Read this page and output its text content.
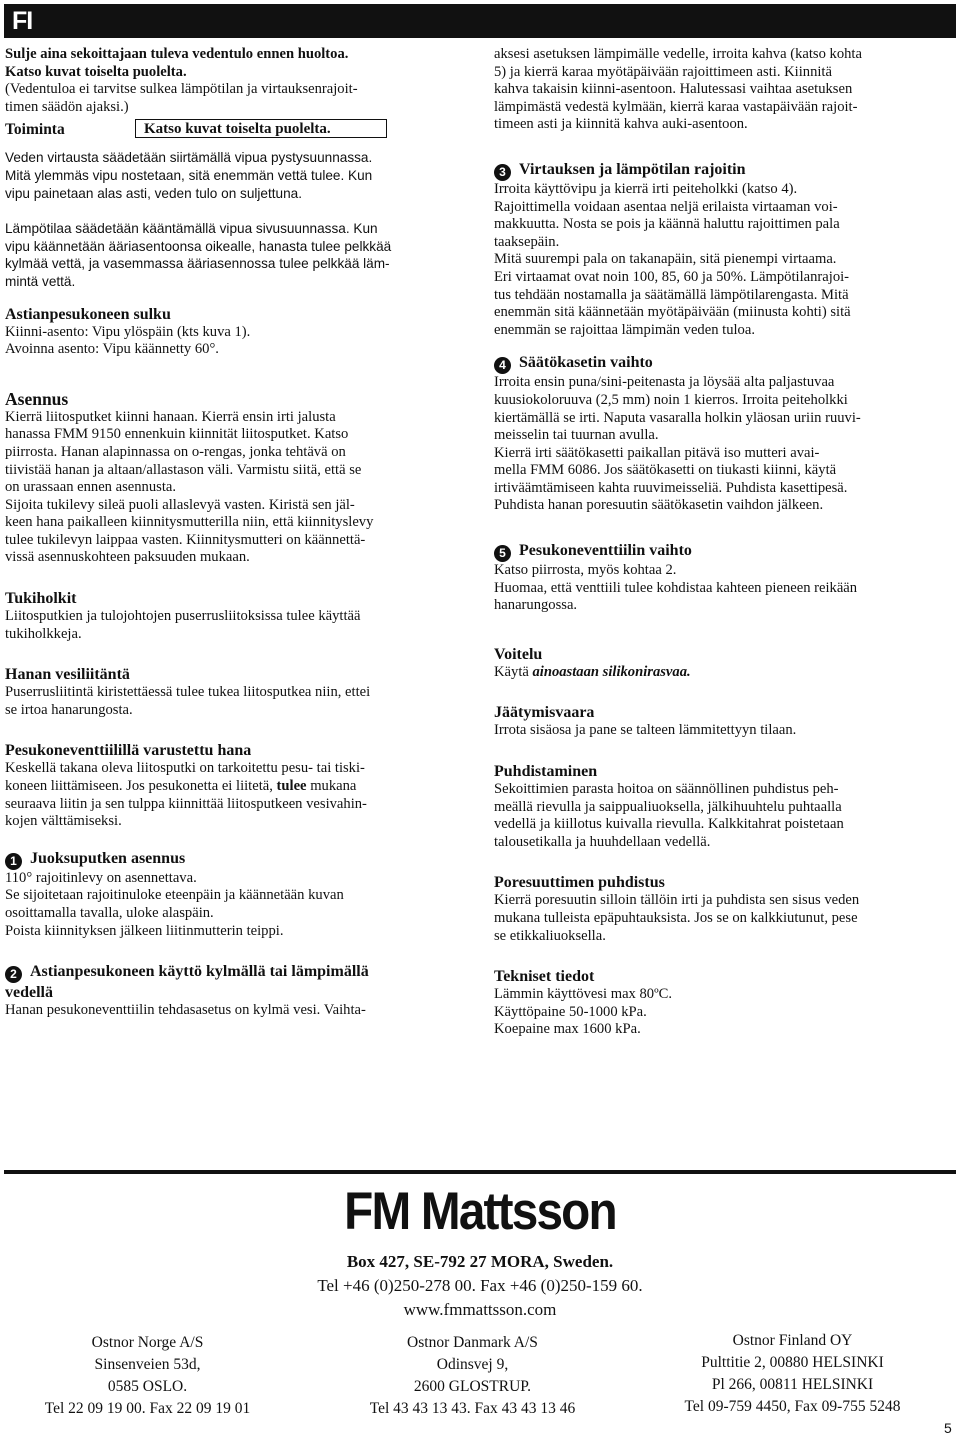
FI

Sulje aina sekoittajaan tuleva vedentulo ennen huoltoa.

Katso kuvat toiselta puolelta.

(Vedentuloa ei tarvitse sulkea lämpötilan ja virtauksenrajoit-

timen säädön ajaksi.)

Toiminta	Katso kuvat toiselta puolelta.

Veden virtausta säädetään siirtämällä vipua pystysuunnassa.

Mitä ylemmäs vipu nostetaan, sitä enemmän vettä tulee. Kun

vipu painetaan alas asti, veden tulo on suljettuna.

Lämpötilaa säädetään kääntämällä vipua sivusuunnassa. Kun

vipu käännetään ääriasentoonsa oikealle, hanasta tulee pelkkää

kylmää vettä, ja vasemmassa ääriasennossa tulee pelkkää läm-

mintä vettä.

Astianpesukoneen sulku

Kiinni-asento: Vipu ylöspäin (kts kuva 1).

Avoinna asento: Vipu käännetty 60°.

Asennus

Kierrä liitosputket kiinni hanaan. Kierrä ensin irti jalusta

hanassa FMM 9150 ennenkuin kiinnität liitosputket. Katso

piirrosta. Hanan alapinnassa on o-rengas, jonka tehtävä on

tiivistää hanan ja altaan/allastason väli. Varmistu siitä, että se

on urassaan ennen asennusta.

Sijoita tukilevy sileä puoli allaslevyä vasten. Kiristä sen jäl-

keen hana paikalleen kiinnitysmutterilla niin, että kiinnityslevy

tulee tukilevyn laippaa vasten. Kiinnitysmutteri on käännettä-

vissä asennuskohteen paksuuden mukaan.

Tukiholkit

Liitosputkien ja tulojohtojen puserrusliitoksissa tulee käyttää

tukiholkkeja.

Hanan vesiliitäntä

Puserrusliitintä kiristettäessä tulee tukea liitosputkea niin, ettei

se irtoa hanarungosta.

Pesukoneventtiilillä varustettu hana

Keskellä takana oleva liitosputki on tarkoitettu pesu- tai tiski-

koneen liittämiseen. Jos pesukonetta ei liitetä, tulee mukana

seuraava liitin ja sen tulppa kiinnittää liitosputkeen vesivahin-

kojen välttämiseksi.

1 Juoksuputken asennus

110° rajoitinlevy on asennettava.

Se sijoitetaan rajoitinuloke eteenpäin ja käännetään kuvan

osoittamalla tavalla, uloke alaspäin.

Poista kiinnityksen jälkeen liitinmutterin teippi.

2 Astianpesukoneen käyttö kylmällä tai lämpimällä
vedellä

Hanan pesukoneventtiilin tehdasasetus on kylmä vesi. Vaihta-

aksesi asetuksen lämpimälle vedelle, irroita kahva (katso kohta

5) ja kierrä karaa myötäpäivään rajoittimeen asti. Kiinnitä

kahva takaisin kiinni-asentoon. Halutessasi vaihtaa asetuksen

lämpimästä vedestä kylmään, kierrä karaa vastapäivään rajoit-

timeen asti ja kiinnitä kahva auki-asentoon.

3 Virtauksen ja lämpötilan rajoitin

Irroita käyttövipu ja kierrä irti peiteholkki (katso 4).

Rajoittimella voidaan asentaa neljä erilaista virtaaman voi-

makkuutta. Nosta se pois ja käännä haluttu rajoittimen pala

taaksepäin.

Mitä suurempi pala on takanapäin, sitä pienempi virtaama.

Eri virtaamat ovat noin 100, 85, 60 ja 50%. Lämpötilanrajoi-

tus tehdään nostamalla ja säätämällä lämpötilarengasta. Mitä

enemmän sitä käännetään myötäpäivään (miinusta kohti) sitä

enemmän se rajoittaa lämpimän veden tuloa.

4 Säätökasetin vaihto

Irroita ensin puna/sini-peitenasta ja löysää alta paljastuvaa

kuusiokoloruuva (2,5 mm) noin 1 kierros. Irroita peiteholkki

kiertämällä se irti. Naputa vasaralla holkin yläosan uriin ruuvi-

meisselin tai tuurnan avulla.

Kierrä irti säätökasetti paikallan pitävä iso mutteri avai-

mella FMM 6086. Jos säätökasetti on tiukasti kiinni, käytä

irtiväämtämiseen kahta ruuvimeisseliä. Puhdista kasettipesä.

Puhdista hanan poresuutin säätökasetin vaihdon jälkeen.

5 Pesukoneventtiilin vaihto

Katso piirrosta, myös kohtaa 2.

Huomaa, että venttiili tulee kohdistaa kahteen pieneen reikään

hanarungossa.

Voitelu

Käytä ainoastaan silikonirasvaa.

Jäätymisvaara

Irrota sisäosa ja pane se talteen lämmitettyyn tilaan.

Puhdistaminen

Sekoittimien parasta hoitoa on säännöllinen puhdistus peh-

meällä rievulla ja saippualiuoksella, jälkihuuhtelu puhtaalla

vedellä ja kiillotus kuivalla rievulla. Kalkkitahrat poistetaan

talousetikalla ja huuhdellaan vedellä.

Poresuuttimen puhdistus

Kierrä poresuutin silloin tällöin irti ja puhdista sen sisus veden

mukana tulleista epäpuhtauksista. Jos se on kalkkiutunut, pese

se etikkaliuoksella.

Tekniset tiedot

Lämmin käyttövesi max 80ºC.

Käyttöpaine 50-1000 kPa.

Koepaine max 1600 kPa.

FM Mattsson
Box 427, SE-792 27 MORA, Sweden.
Tel +46 (0)250-278 00. Fax +46 (0)250-159 60.
www.fmmattsson.com
Ostnor Norge A/S
Sinsenveien 53d,
0585 OSLO.
Tel 22 09 19 00. Fax 22 09 19 01
Ostnor Danmark A/S
Odinsvej 9,
2600 GLOSTRUP.
Tel 43 43 13 43. Fax 43 43 13 46
Ostnor Finland OY
Pulttitie 2, 00880 HELSINKI
Pl 266, 00811 HELSINKI
Tel 09-759 4450, Fax 09-755 5248
5
